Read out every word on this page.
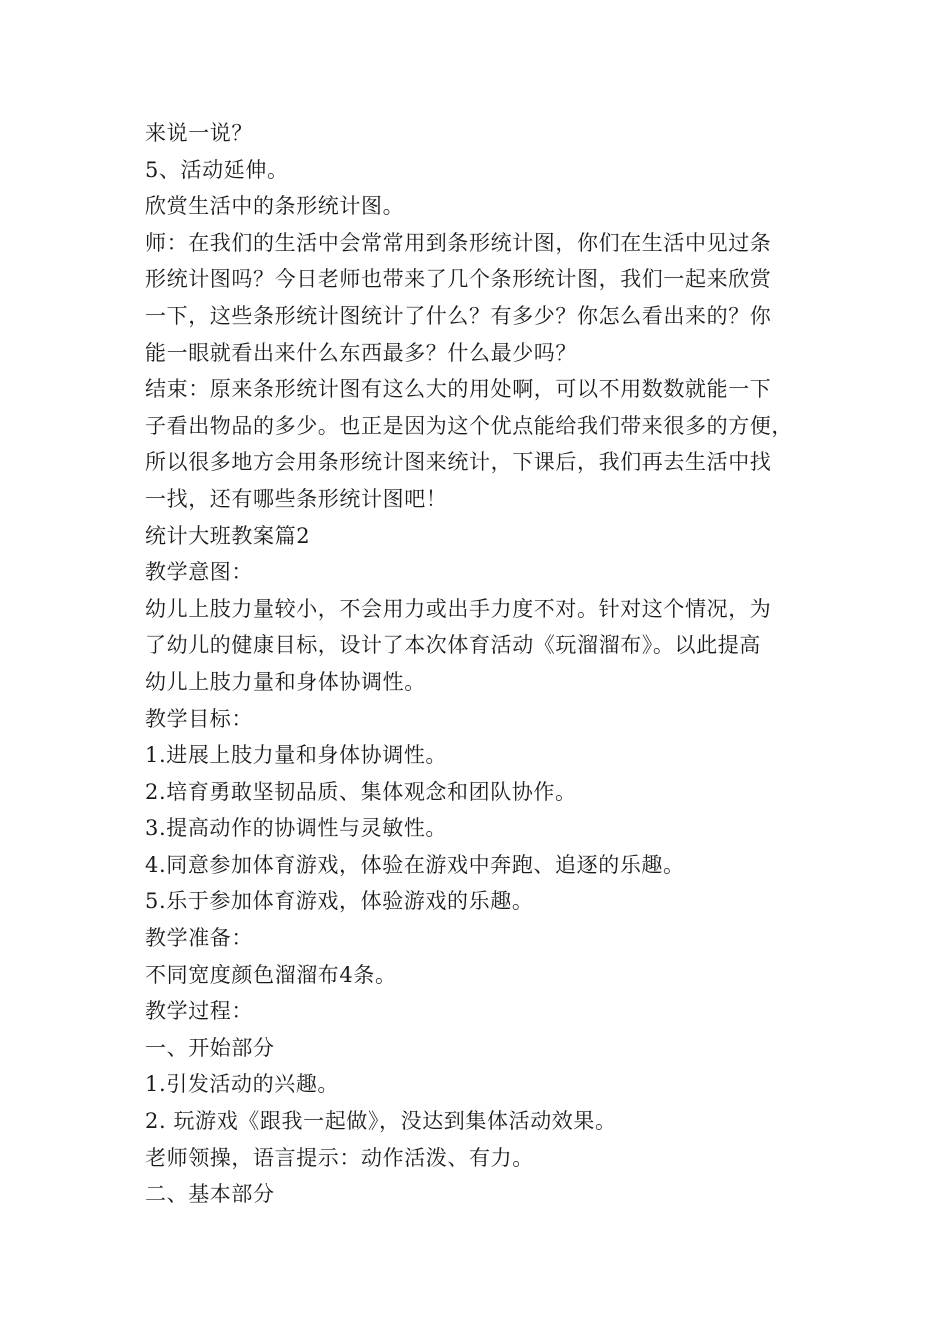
来说一说？

5、活动延伸。

欣赏生活中的条形统计图。

师：在我们的生活中会常常用到条形统计图，你们在生活中见过条

形统计图吗？今日老师也带来了几个条形统计图，我们一起来欣赏

一下，这些条形统计图统计了什么？有多少？你怎么看出来的？你

能一眼就看出来什么东西最多？什么最少吗？

结束：原来条形统计图有这么大的用处啊，可以不用数数就能一下

子看出物品的多少。也正是因为这个优点能给我们带来很多的方便，

所以很多地方会用条形统计图来统计，下课后，我们再去生活中找

一找，还有哪些条形统计图吧！

统计大班教案篇2

教学意图：

幼儿上肢力量较小，不会用力或出手力度不对。针对这个情况，为

了幼儿的健康目标，设计了本次体育活动《玩溜溜布》。以此提高

幼儿上肢力量和身体协调性。

教学目标：

1.进展上肢力量和身体协调性。

2.培育勇敢坚韧品质、集体观念和团队协作。

3.提高动作的协调性与灵敏性。

4.同意参加体育游戏，体验在游戏中奔跑、追逐的乐趣。

5.乐于参加体育游戏，体验游戏的乐趣。

教学准备：

不同宽度颜色溜溜布4条。

教学过程：

一、开始部分

1.引发活动的兴趣。

2. 玩游戏《跟我一起做》，没达到集体活动效果。

老师领操，语言提示：动作活泼、有力。

二、基本部分
